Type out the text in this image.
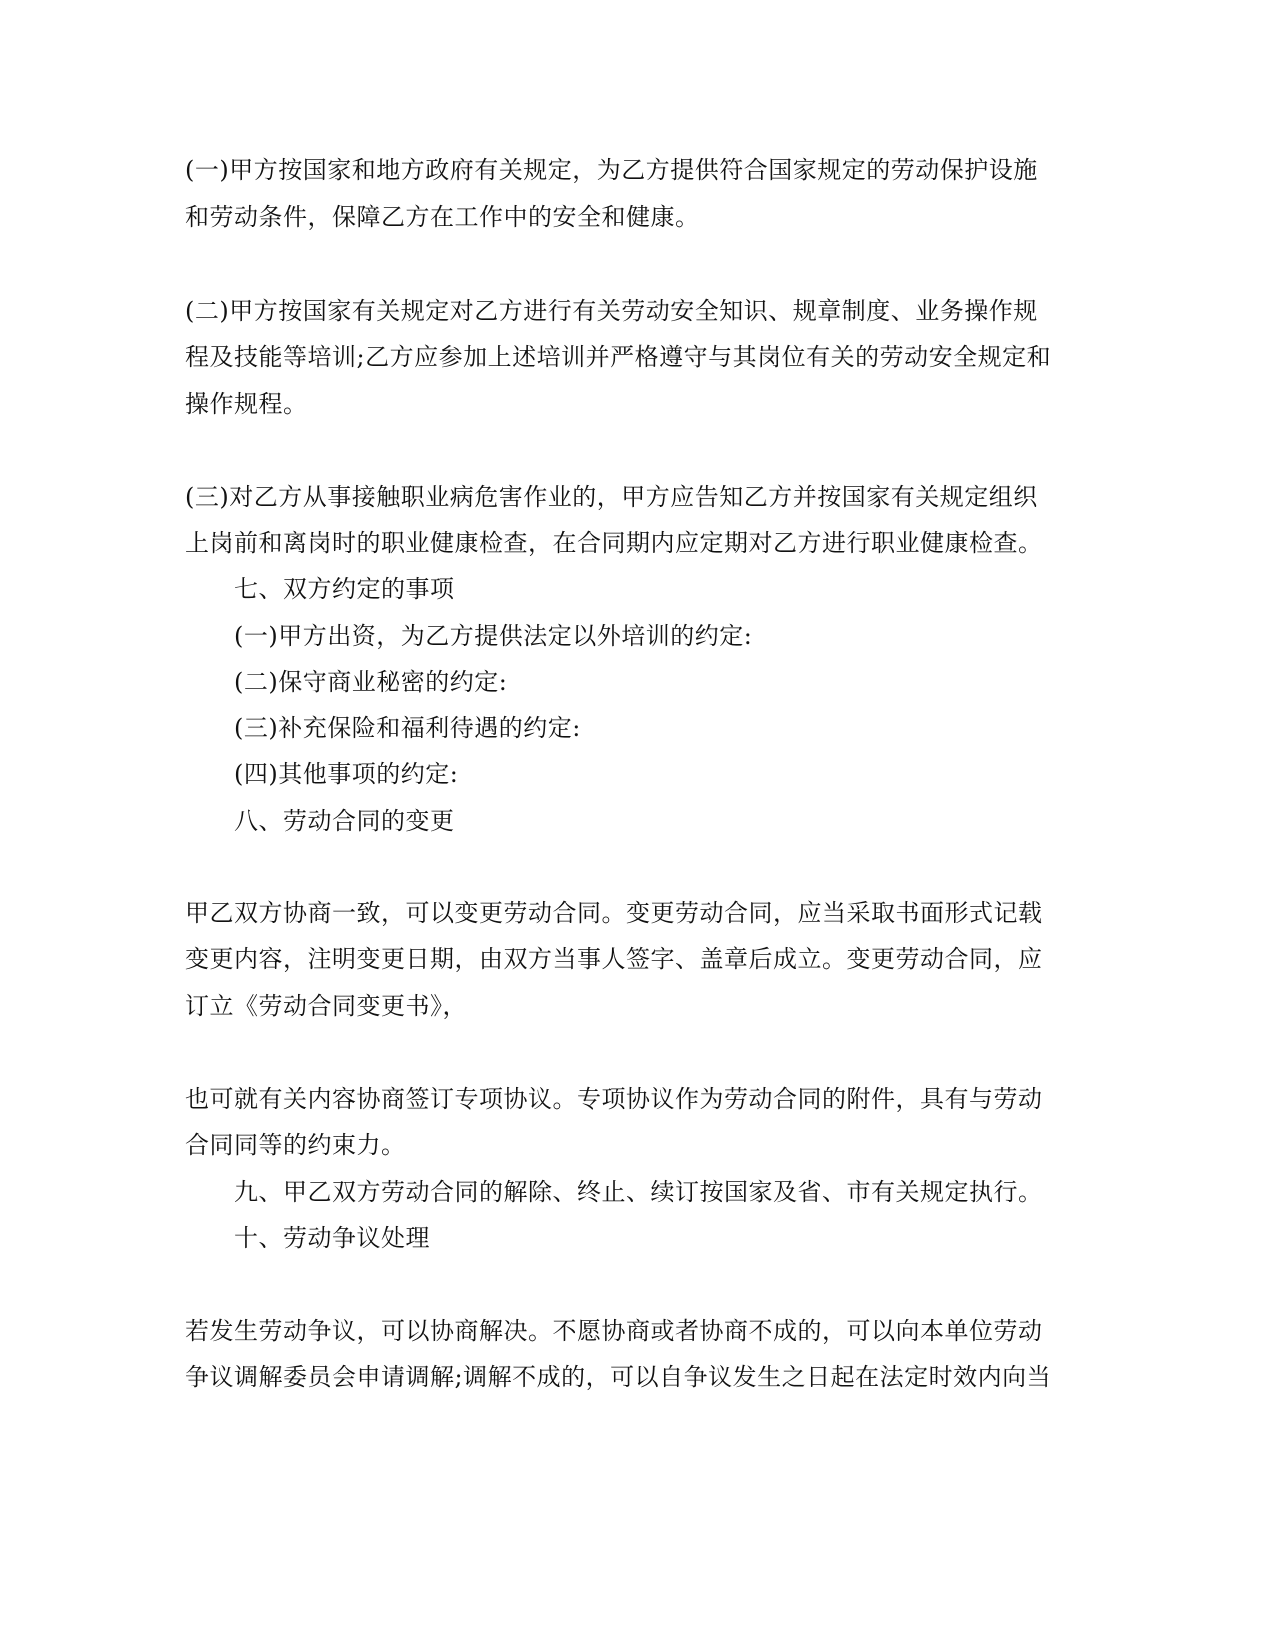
(一)甲方按国家和地方政府有关规定，为乙方提供符合国家规定的劳动保护设施
和劳动条件，保障乙方在工作中的安全和健康。
(二)甲方按国家有关规定对乙方进行有关劳动安全知识、规章制度、业务操作规
程及技能等培训;乙方应参加上述培训并严格遵守与其岗位有关的劳动安全规定和
操作规程。
(三)对乙方从事接触职业病危害作业的，甲方应告知乙方并按国家有关规定组织
上岗前和离岗时的职业健康检查，在合同期内应定期对乙方进行职业健康检查。
七、双方约定的事项
(一)甲方出资，为乙方提供法定以外培训的约定:
(二)保守商业秘密的约定:
(三)补充保险和福利待遇的约定:
(四)其他事项的约定:
八、劳动合同的变更
甲乙双方协商一致，可以变更劳动合同。变更劳动合同，应当采取书面形式记载
变更内容，注明变更日期，由双方当事人签字、盖章后成立。变更劳动合同，应
订立《劳动合同变更书》，
也可就有关内容协商签订专项协议。专项协议作为劳动合同的附件，具有与劳动
合同同等的约束力。
九、甲乙双方劳动合同的解除、终止、续订按国家及省、市有关规定执行。
十、劳动争议处理
若发生劳动争议，可以协商解决。不愿协商或者协商不成的，可以向本单位劳动
争议调解委员会申请调解;调解不成的，可以自争议发生之日起在法定时效内向当
